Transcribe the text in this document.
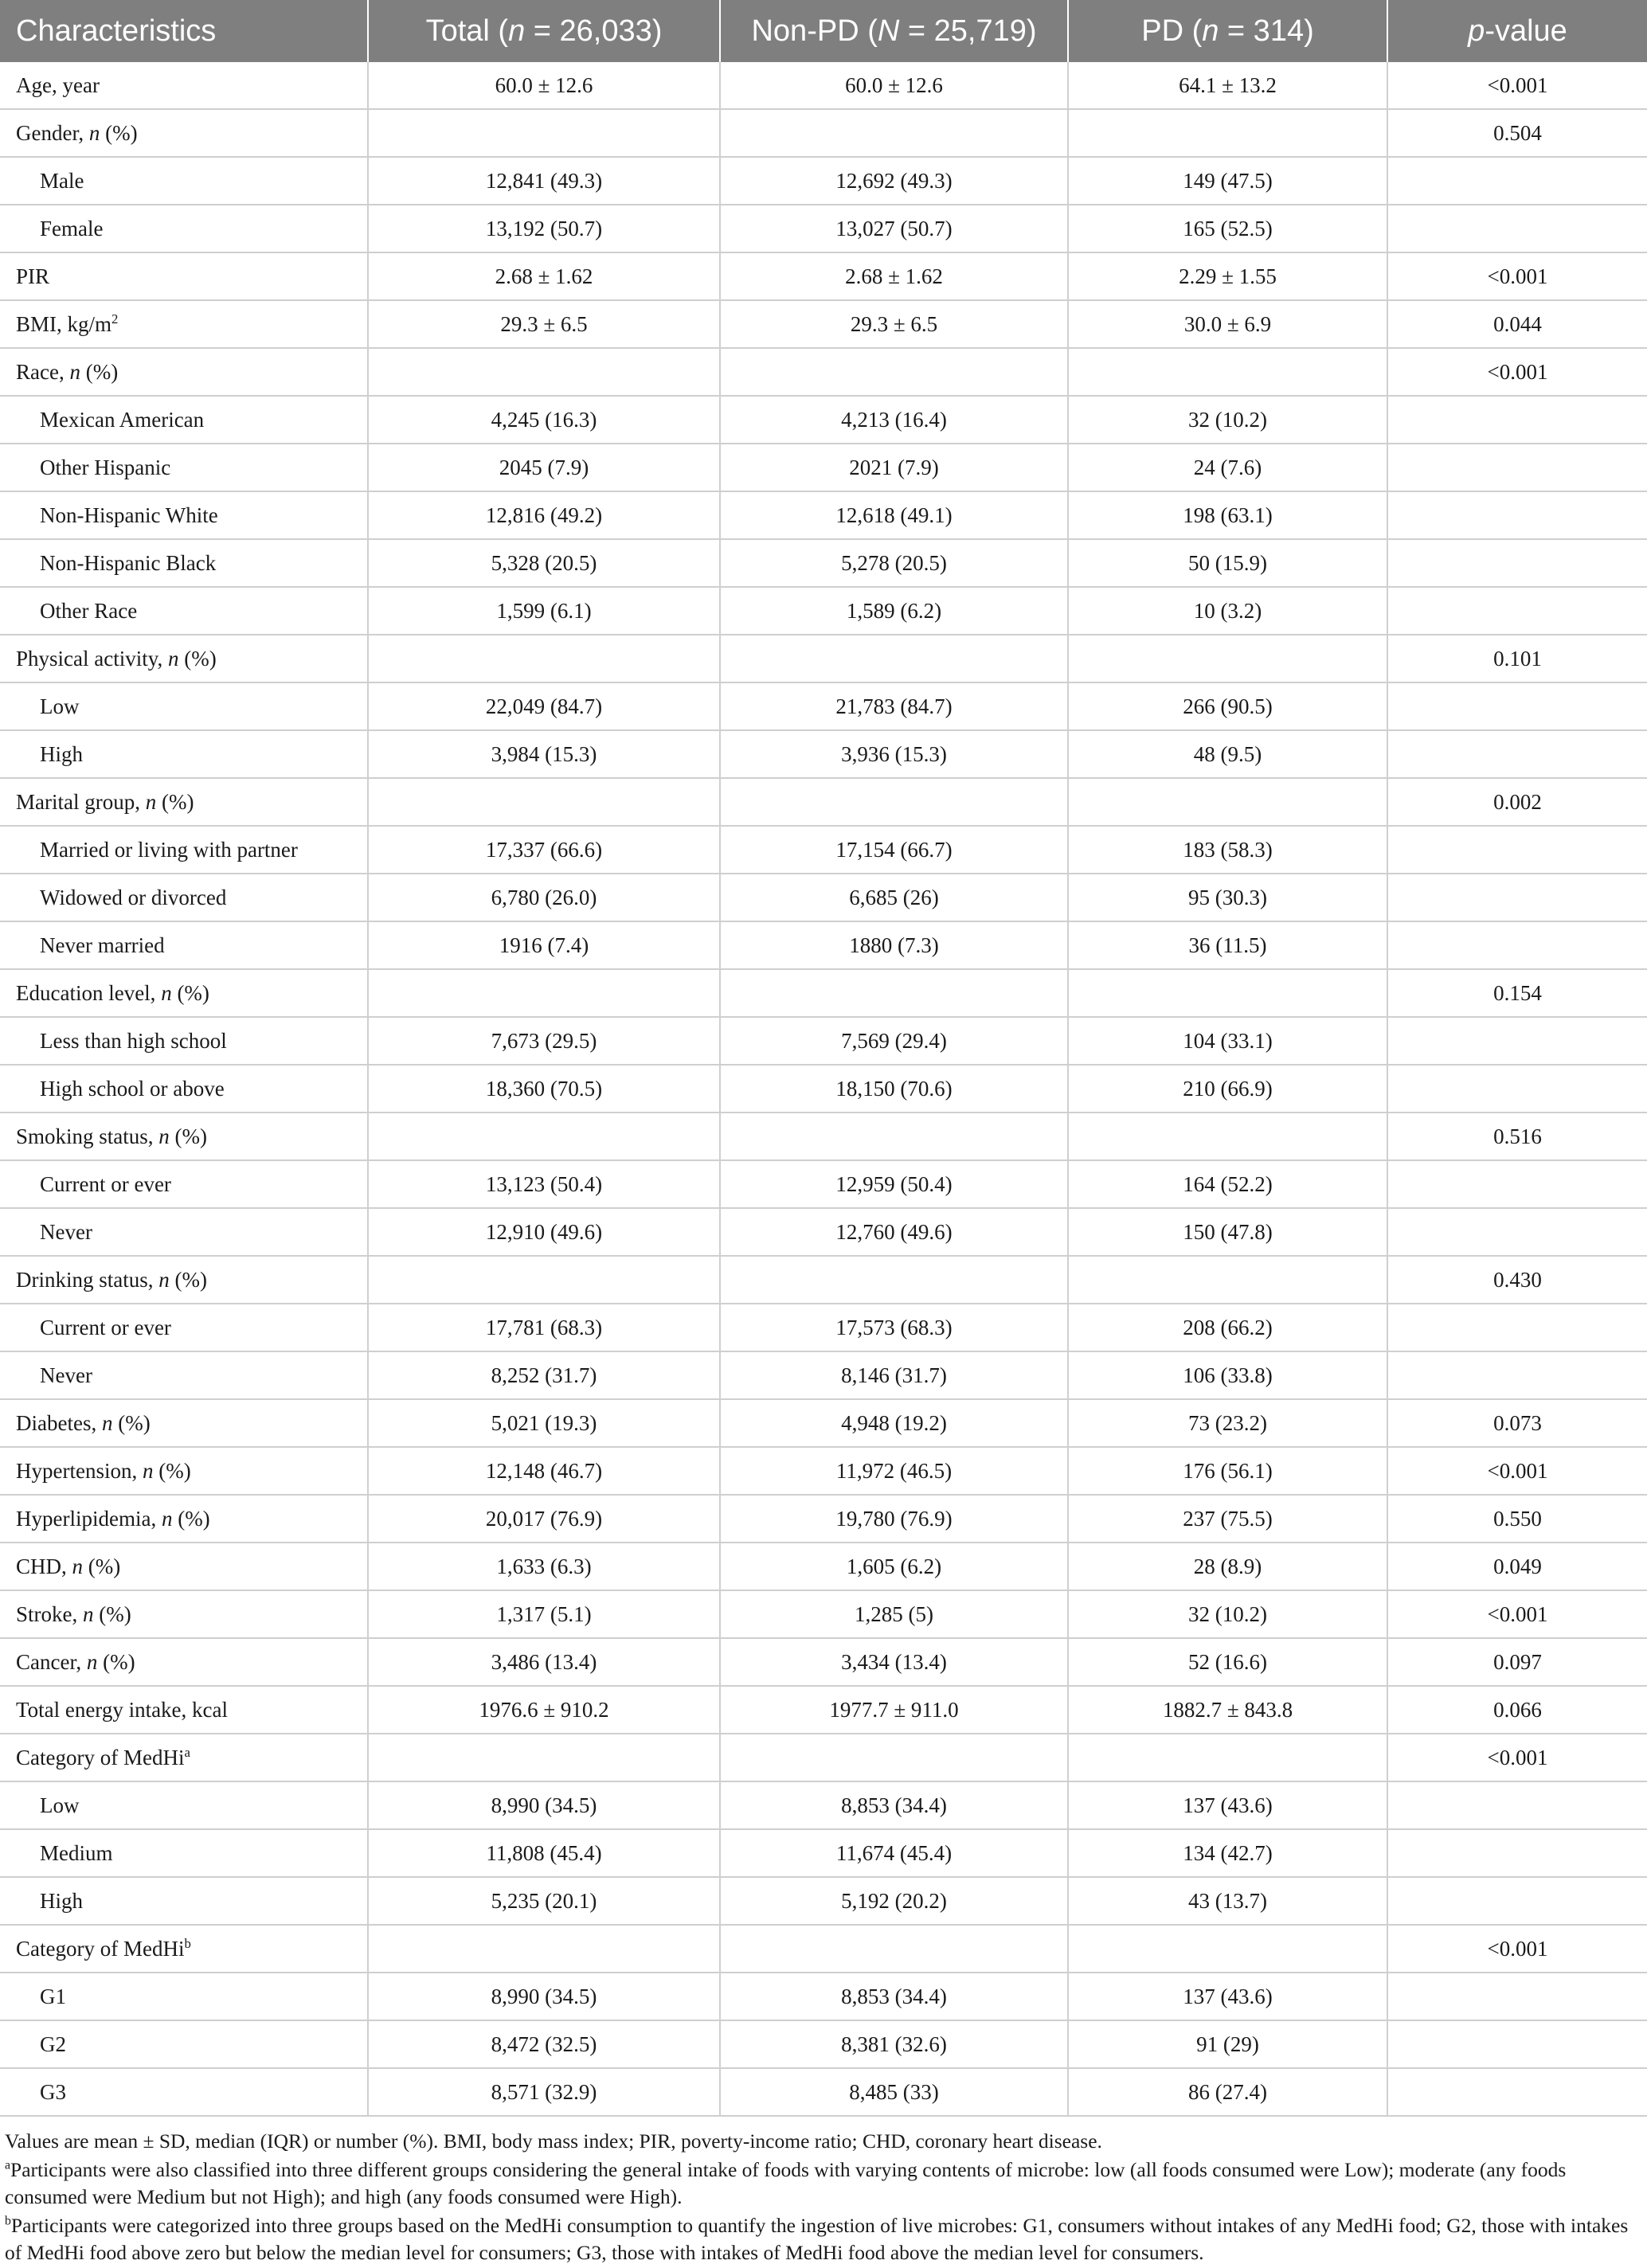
Characteristics	Total (n = 26,033)	Non-PD (N = 25,719)	PD (n = 314)	p-value
Age, year	60.0 ± 12.6	60.0 ± 12.6	64.1 ± 13.2	<0.001
Gender, n (%)				0.504
Male	12,841 (49.3)	12,692 (49.3)	149 (47.5)	
Female	13,192 (50.7)	13,027 (50.7)	165 (52.5)	
PIR	2.68 ± 1.62	2.68 ± 1.62	2.29 ± 1.55	<0.001
BMI, $kg/m^2$	29.3 ± 6.5	29.3 ± 6.5	30.0 ± 6.9	0.044
Race, n (%)				<0.001
Mexican American	4,245 (16.3)	4,213 (16.4)	32 (10.2)	
Other Hispanic	2045 (7.9)	2021 (7.9)	24 (7.6)	
Non-Hispanic White	12,816 (49.2)	12,618 (49.1)	198 (63.1)	
Non-Hispanic Black	5,328 (20.5)	5,278 (20.5)	50 (15.9)	
Other Race	1,599 (6.1)	1,589 (6.2)	10 (3.2)	
Physical activity, n (%)				0.101
Low	22,049 (84.7)	21,783 (84.7)	266 (90.5)	
High	3,984 (15.3)	3,936 (15.3)	48 (9.5)	
Marital group, n (%)				0.002
Married or living with partner	17,337 (66.6)	17,154 (66.7)	183 (58.3)	
Widowed or divorced	6,780 (26.0)	6,685 (26)	95 (30.3)	
Never married	1916 (7.4)	1880 (7.3)	36 (11.5)	
Education level, n (%)				0.154
Less than high school	7,673 (29.5)	7,569 (29.4)	104 (33.1)	
High school or above	18,360 (70.5)	18,150 (70.6)	210 (66.9)	
Smoking status, n (%)				0.516
Current or ever	13,123 (50.4)	12,959 (50.4)	164 (52.2)	
Never	12,910 (49.6)	12,760 (49.6)	150 (47.8)	
Drinking status, n (%)				0.430
Current or ever	17,781 (68.3)	17,573 (68.3)	208 (66.2)	
Never	8,252 (31.7)	8,146 (31.7)	106 (33.8)	
Diabetes, n (%)	5,021 (19.3)	4,948 (19.2)	73 (23.2)	0.073
Hypertension, n (%)	12,148 (46.7)	11,972 (46.5)	176 (56.1)	<0.001
Hyperlipidemia, n (%)	20,017 (76.9)	19,780 (76.9)	237 (75.5)	0.550
CHD, n (%)	1,633 (6.3)	1,605 (6.2)	28 (8.9)	0.049
Stroke, n (%)	1,317 (5.1)	1,285 (5)	32 (10.2)	<0.001
Cancer, n (%)	3,486 (13.4)	3,434 (13.4)	52 (16.6)	0.097
Total energy intake, kcal	1976.6 ± 910.2	1977.7 ± 911.0	1882.7 ± 843.8	0.066
Category of MedHi$^a$				<0.001
Low	8,990 (34.5)	8,853 (34.4)	137 (43.6)	
Medium	11,808 (45.4)	11,674 (45.4)	134 (42.7)	
High	5,235 (20.1)	5,192 (20.2)	43 (13.7)	
Category of MedHi$^b$				<0.001
G1	8,990 (34.5)	8,853 (34.4)	137 (43.6)	
G2	8,472 (32.5)	8,381 (32.6)	91 (29)	
G3	8,571 (32.9)	8,485 (33)	86 (27.4)	

Values are mean ± SD, median (IQR) or number (%). BMI, body mass index; PIR, poverty-income ratio; CHD, coronary heart disease.

$^a$Participants were also classified into three different groups considering the general intake of foods with varying contents of microbe: low (all foods consumed were Low); moderate (any foods consumed were Medium but not High); and high (any foods consumed were High).

$^b$Participants were categorized into three groups based on the MedHi consumption to quantify the ingestion of live microbes: G1, consumers without intakes of any MedHi food; G2, those with intakes of MedHi food above zero but below the median level for consumers; G3, those with intakes of MedHi food above the median level for consumers.
